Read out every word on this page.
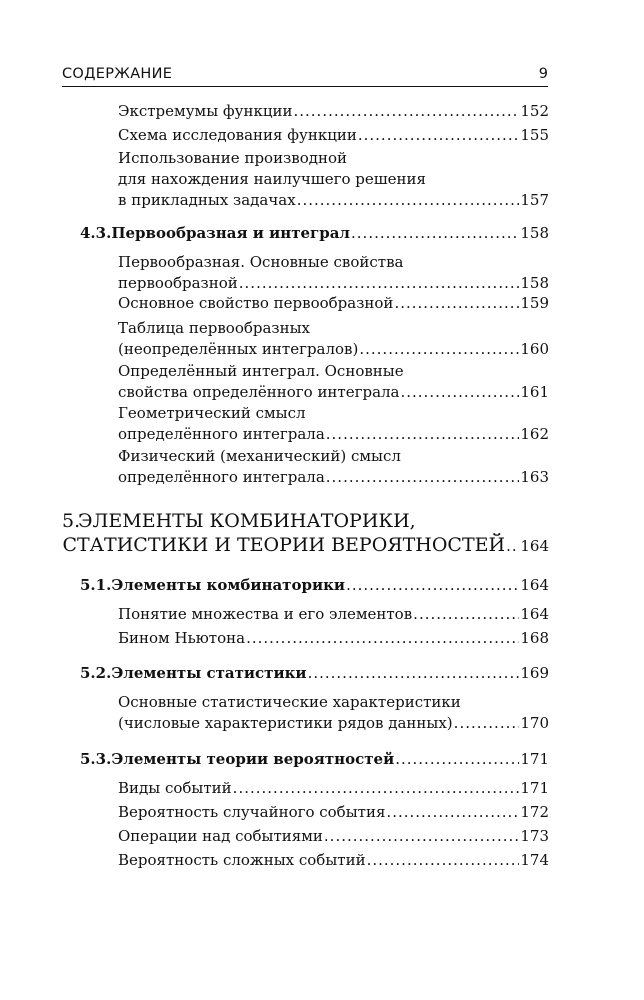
СОДЕРЖАНИЕ	9
Экстремумы функции .....	152
Схема исследования функции .....	155
Использование производной
для нахождения наилучшего решения
в прикладных задачах .....	157
4.3. Первообразная и интеграл .....	158
Первообразная. Основные свойства
первообразной .....	158
Основное свойство первообразной .....	159
Таблица первообразных
(неопределённых интегралов) .....	160
Определённый интеграл. Основные
свойства определённого интеграла .....	161
Геометрический смысл
определённого интеграла .....	162
Физический (механический) смысл
определённого интеграла .....	163
5.ЭЛЕМЕНТЫ КОМБИНАТОРИКИ,
СТАТИСТИКИ И ТЕОРИИ ВЕРОЯТНОСТЕЙ ..... 164
5.1. Элементы комбинаторики .....	164
Понятие множества и его элементов .....	164
Бином Ньютона .....	168
5.2. Элементы статистики .....	169
Основные статистические характеристики
(числовые характеристики рядов данных) .....	170
5.3. Элементы теории вероятностей .....	171
Виды событий .....	171
Вероятность случайного события .....	172
Операции над событиями .....	173
Вероятность сложных событий .....	174
